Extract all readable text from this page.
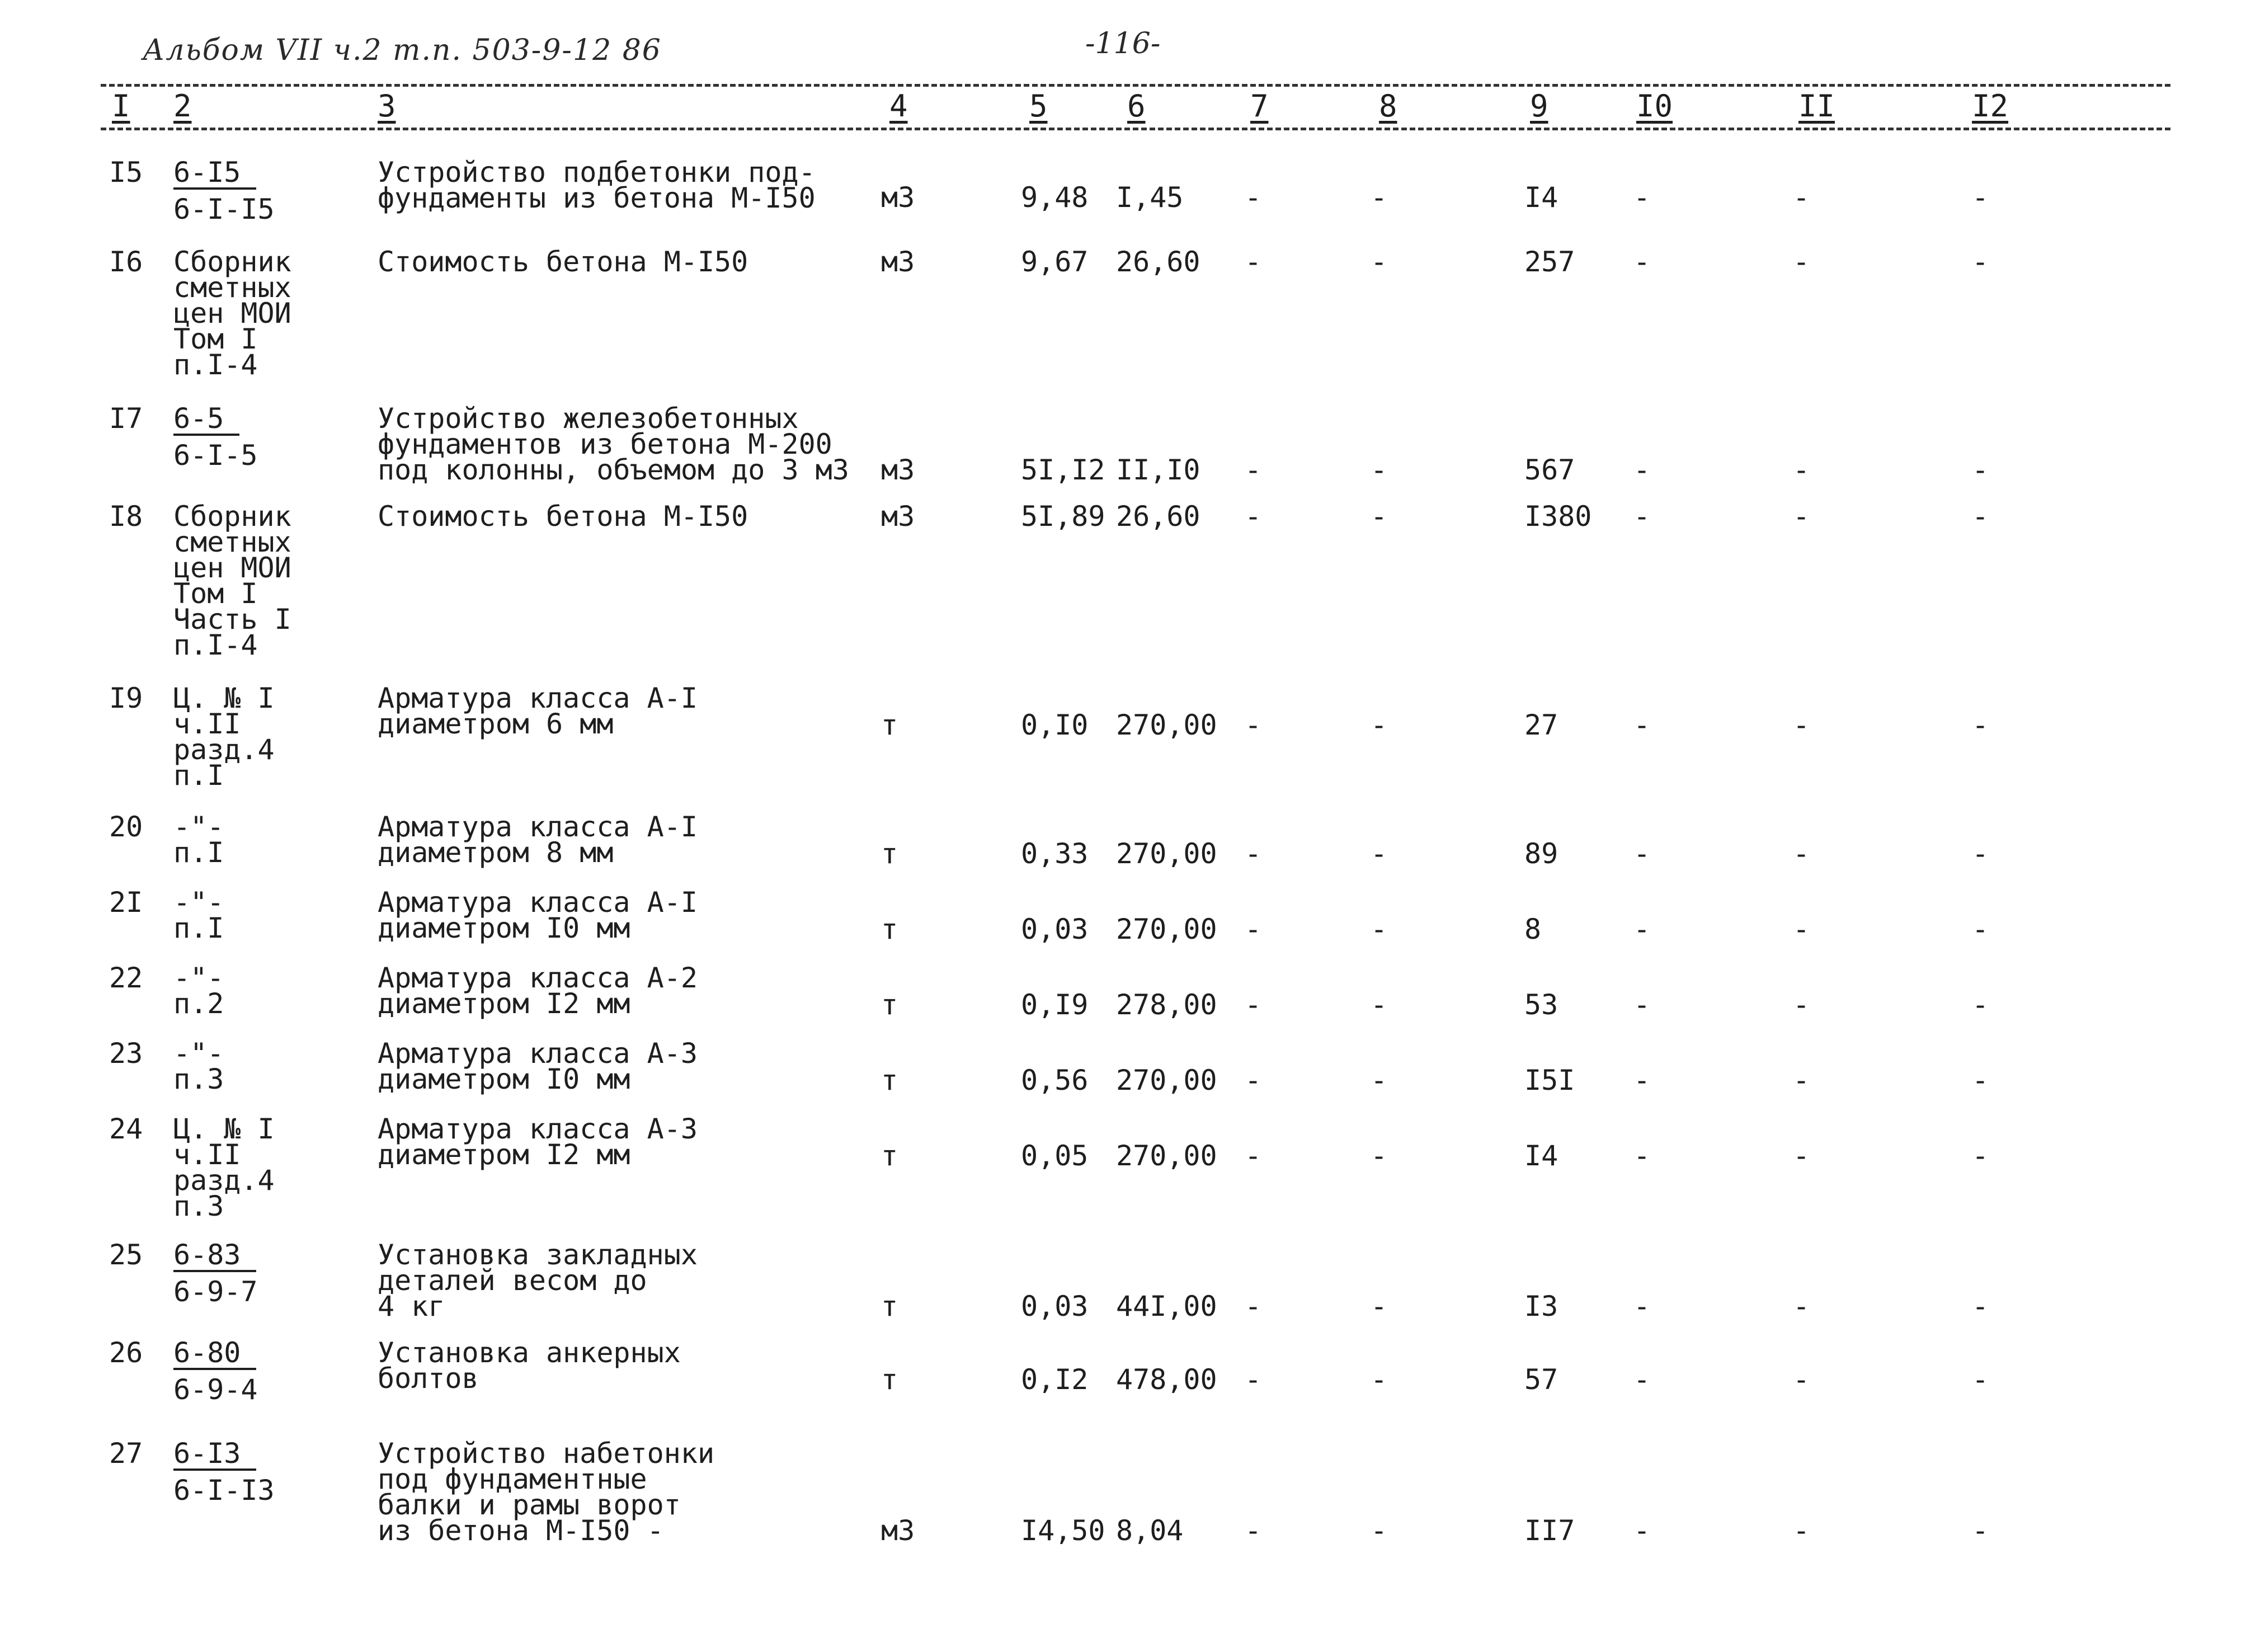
Альбом VII ч.2 т.п. 503-9-12 86	-116-
I 2	3	4	5	6	7	8	9	I0	II	I2
I5	6-I5
6-I-I5
Устройство подбетонки под-
фундаменты из бетона М-I50	м3	9,48 I,45	-	-	I4	-	-	-
I6	Сборник
сметных
цен МОИ
Том I
п.I-4
Стоимость бетона М-I50	м3	9,67 26,60	-	-	257	-	-	-
I7	6-5
6-I-5
Устройство железобетонных
фундаментов из бетона М-200
под колонны, объемом до 3 м3	м3	5I,I2 II,I0	-	-	567	-	-	-
I8	Сборник
сметных
цен МОИ
Том I
Часть I
п.I-4
Стоимость бетона М-I50	м3	5I,89 26,60	-	-	I380	-	-	-
I9	Ц. № I
ч.II
разд.4
п.I
Арматура класса А-I
диаметром 6 мм	т	0,I0 270,00 -	-	27	-	-	-
20	-"-
п.I
Арматура класса А-I
диаметром 8 мм	т	0,33 270,00 -	-	89	-	-	-
2I	-"-
п.I
Арматура класса А-I
диаметром I0 мм	т	0,03 270,00 -	-	8	-	-	-
22	-"-
п.2
Арматура класса А-2
диаметром I2 мм	т	0,I9 278,00 -	-	53	-	-	-
23	-"-
п.3
Арматура класса А-3
диаметром I0 мм	т	0,56 270,00 -	-	I5I	-	-	-
24	Ц. № I
ч.II
разд.4
п.3
Арматура класса А-3
диаметром I2 мм	т	0,05 270,00 -	-	I4	-	-	-
25	6-83
6-9-7
Установка закладных
деталей весом до
4 кг	т	0,03 44I,00 -	-	I3	-	-	-
26	6-80
6-9-4
Установка анкерных
болтов	т	0,I2 478,00 -	-	57	-	-	-
27	6-I3
6-I-I3
Устройство набетонки
под фундаментные
балки и рамы ворот
из бетона М-I50 -	м3	I4,50 8,04	-	-	II7	-	-	-
